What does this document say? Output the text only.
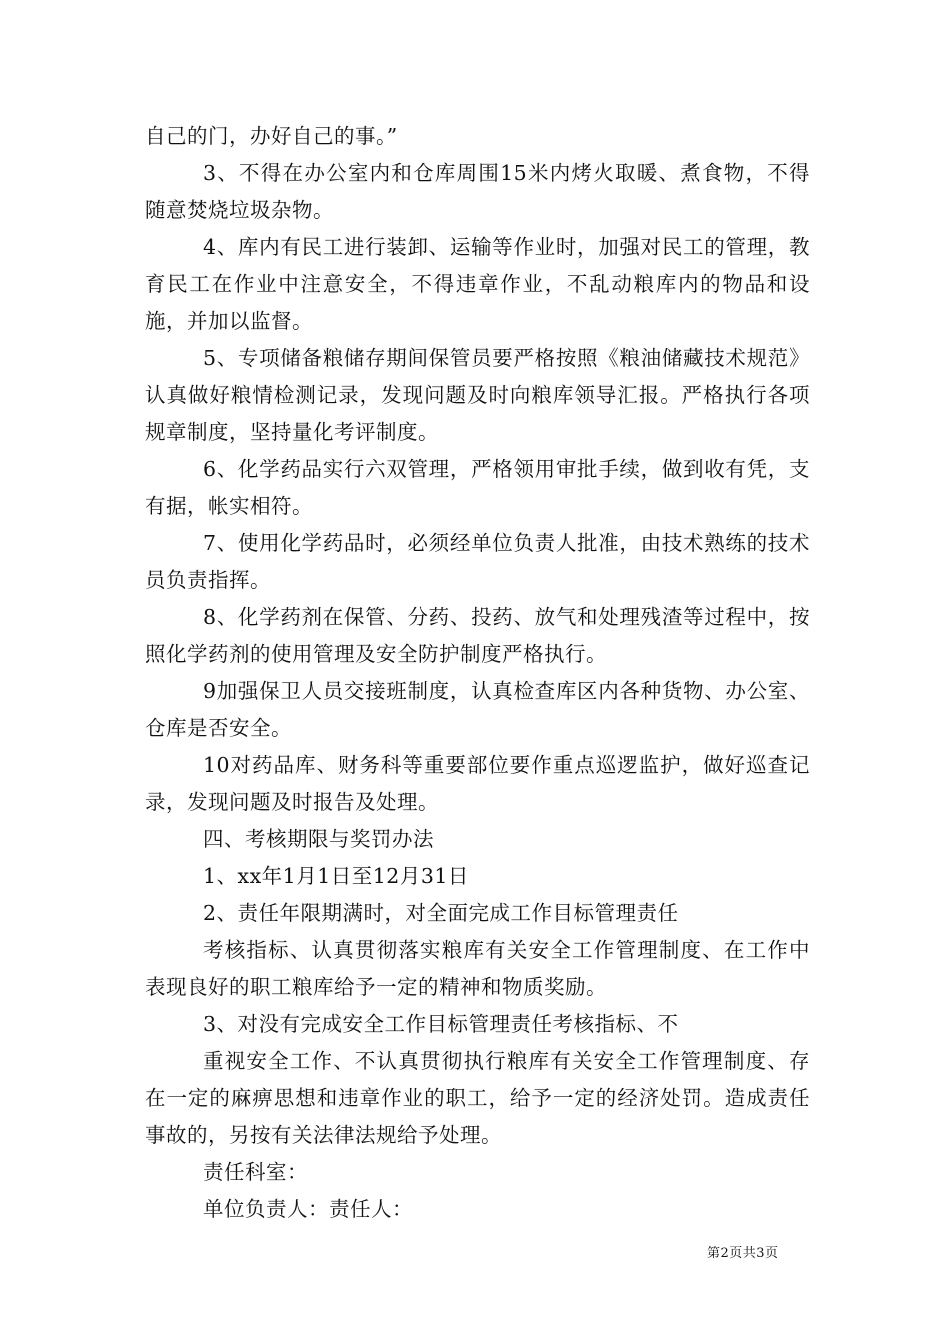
自己的门，办好自己的事。”

3、不得在办公室内和仓库周围15米内烤火取暖、煮食物，不得随意焚烧垃圾杂物。

4、库内有民工进行装卸、运输等作业时，加强对民工的管理，教育民工在作业中注意安全，不得违章作业，不乱动粮库内的物品和设施，并加以监督。

5、专项储备粮储存期间保管员要严格按照《粮油储藏技术规范》认真做好粮情检测记录，发现问题及时向粮库领导汇报。严格执行各项规章制度，坚持量化考评制度。

6、化学药品实行六双管理，严格领用审批手续，做到收有凭，支有据，帐实相符。

7、使用化学药品时，必须经单位负责人批准，由技术熟练的技术员负责指挥。

8、化学药剂在保管、分药、投药、放气和处理残渣等过程中，按照化学药剂的使用管理及安全防护制度严格执行。

9加强保卫人员交接班制度，认真检查库区内各种货物、办公室、仓库是否安全。

10对药品库、财务科等重要部位要作重点巡逻监护，做好巡查记录，发现问题及时报告及处理。

四、考核期限与奖罚办法

1、xx年1月1日至12月31日

2、责任年限期满时，对全面完成工作目标管理责任

考核指标、认真贯彻落实粮库有关安全工作管理制度、在工作中表现良好的职工粮库给予一定的精神和物质奖励。

3、对没有完成安全工作目标管理责任考核指标、不

重视安全工作、不认真贯彻执行粮库有关安全工作管理制度、存在一定的麻痹思想和违章作业的职工，给予一定的经济处罚。造成责任事故的，另按有关法律法规给予处理。

责任科室：

单位负责人：责任人：

第2页共3页
